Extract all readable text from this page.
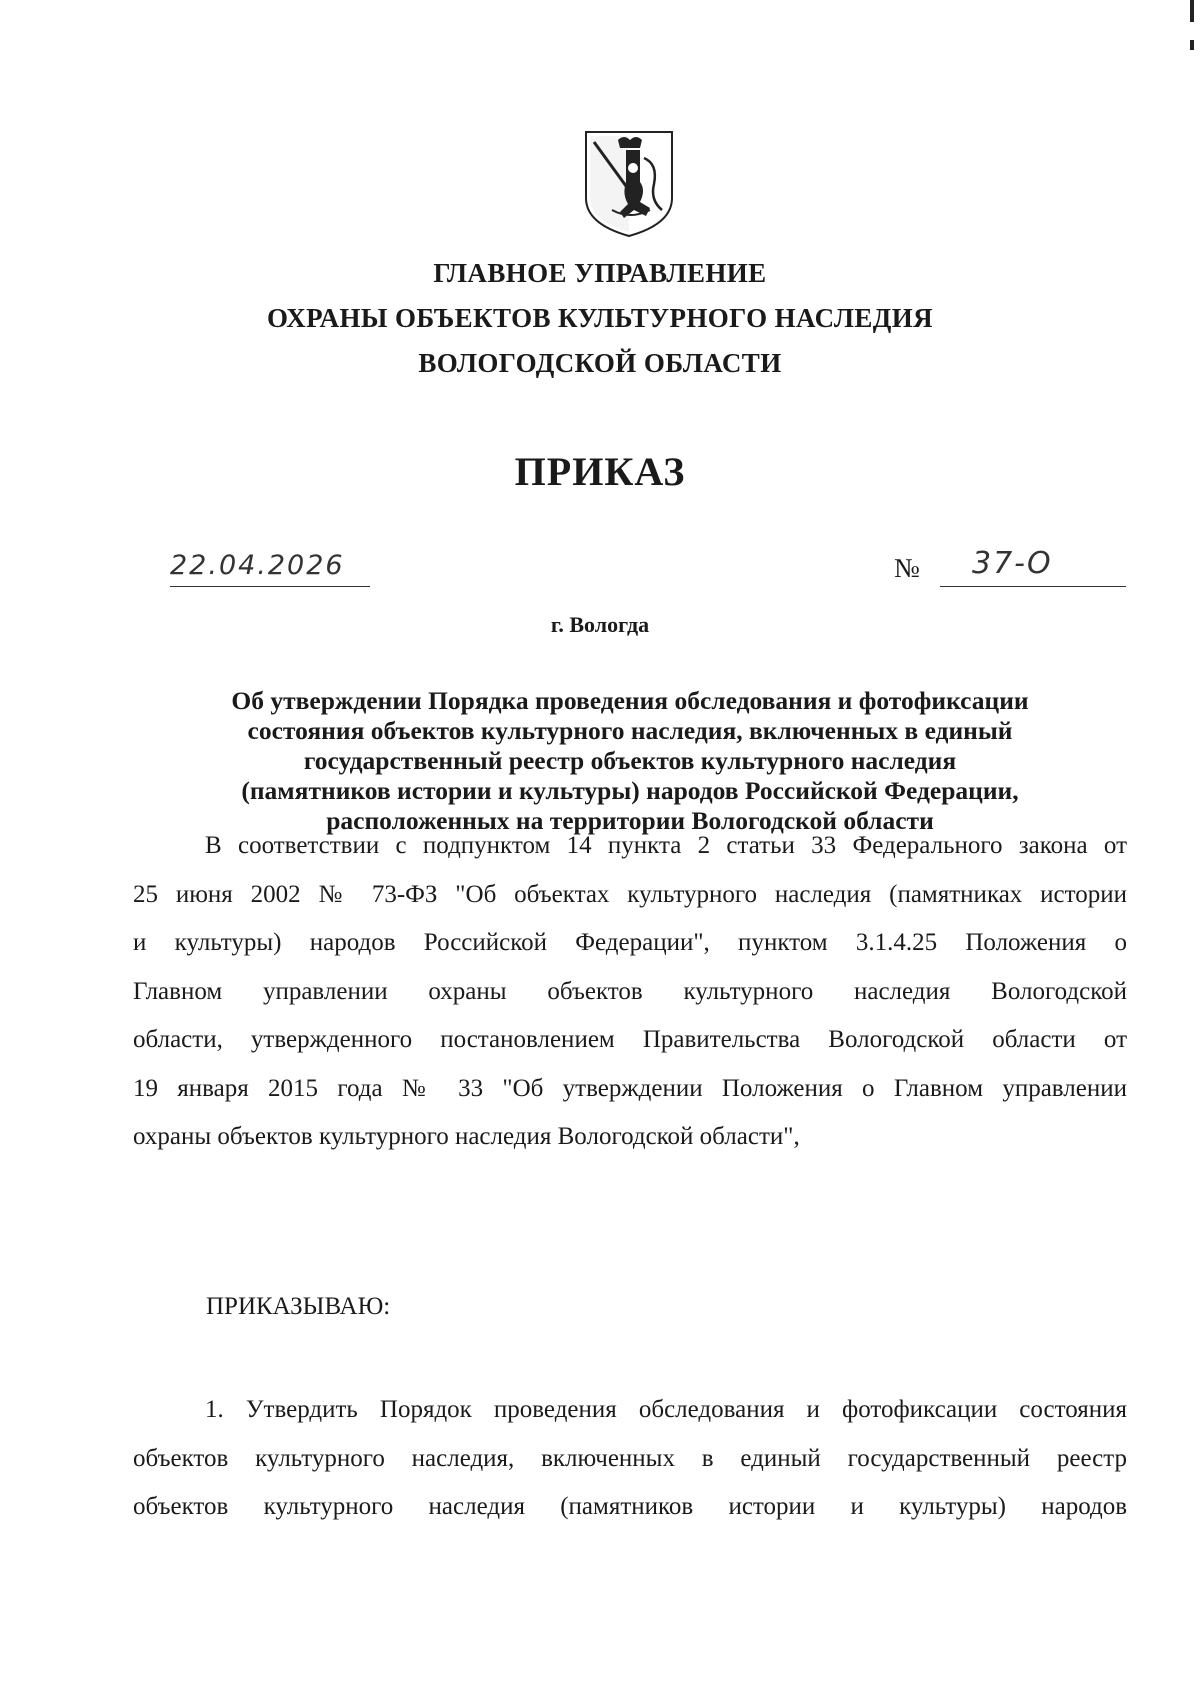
ГЛАВНОЕ УПРАВЛЕНИЕ
ОХРАНЫ ОБЪЕКТОВ КУЛЬТУРНОГО НАСЛЕДИЯ
ВОЛОГОДСКОЙ ОБЛАСТИ
ПРИКАЗ
22.04.2026	№ 37-О
г. Вологда
Об утверждении Порядка проведения обследования и фотофиксации
состояния объектов культурного наследия, включенных в единый
государственный реестр объектов культурного наследия
(памятников истории и культуры) народов Российской Федерации,
расположенных на территории Вологодской области
В соответствии с подпунктом 14 пункта 2 статьи 33 Федерального закона от
25 июня 2002 № 73-ФЗ "Об объектах культурного наследия (памятниках истории
и культуры) народов Российской Федерации", пунктом 3.1.4.25 Положения о
Главном управлении охраны объектов культурного наследия Вологодской
области, утвержденного постановлением Правительства Вологодской области от
19 января 2015 года № 33 "Об утверждении Положения о Главном управлении
охраны объектов культурного наследия Вологодской области",
ПРИКАЗЫВАЮ:
1. Утвердить Порядок проведения обследования и фотофиксации состояния
объектов культурного наследия, включенных в единый государственный реестр
объектов культурного наследия (памятников истории и культуры) народов
